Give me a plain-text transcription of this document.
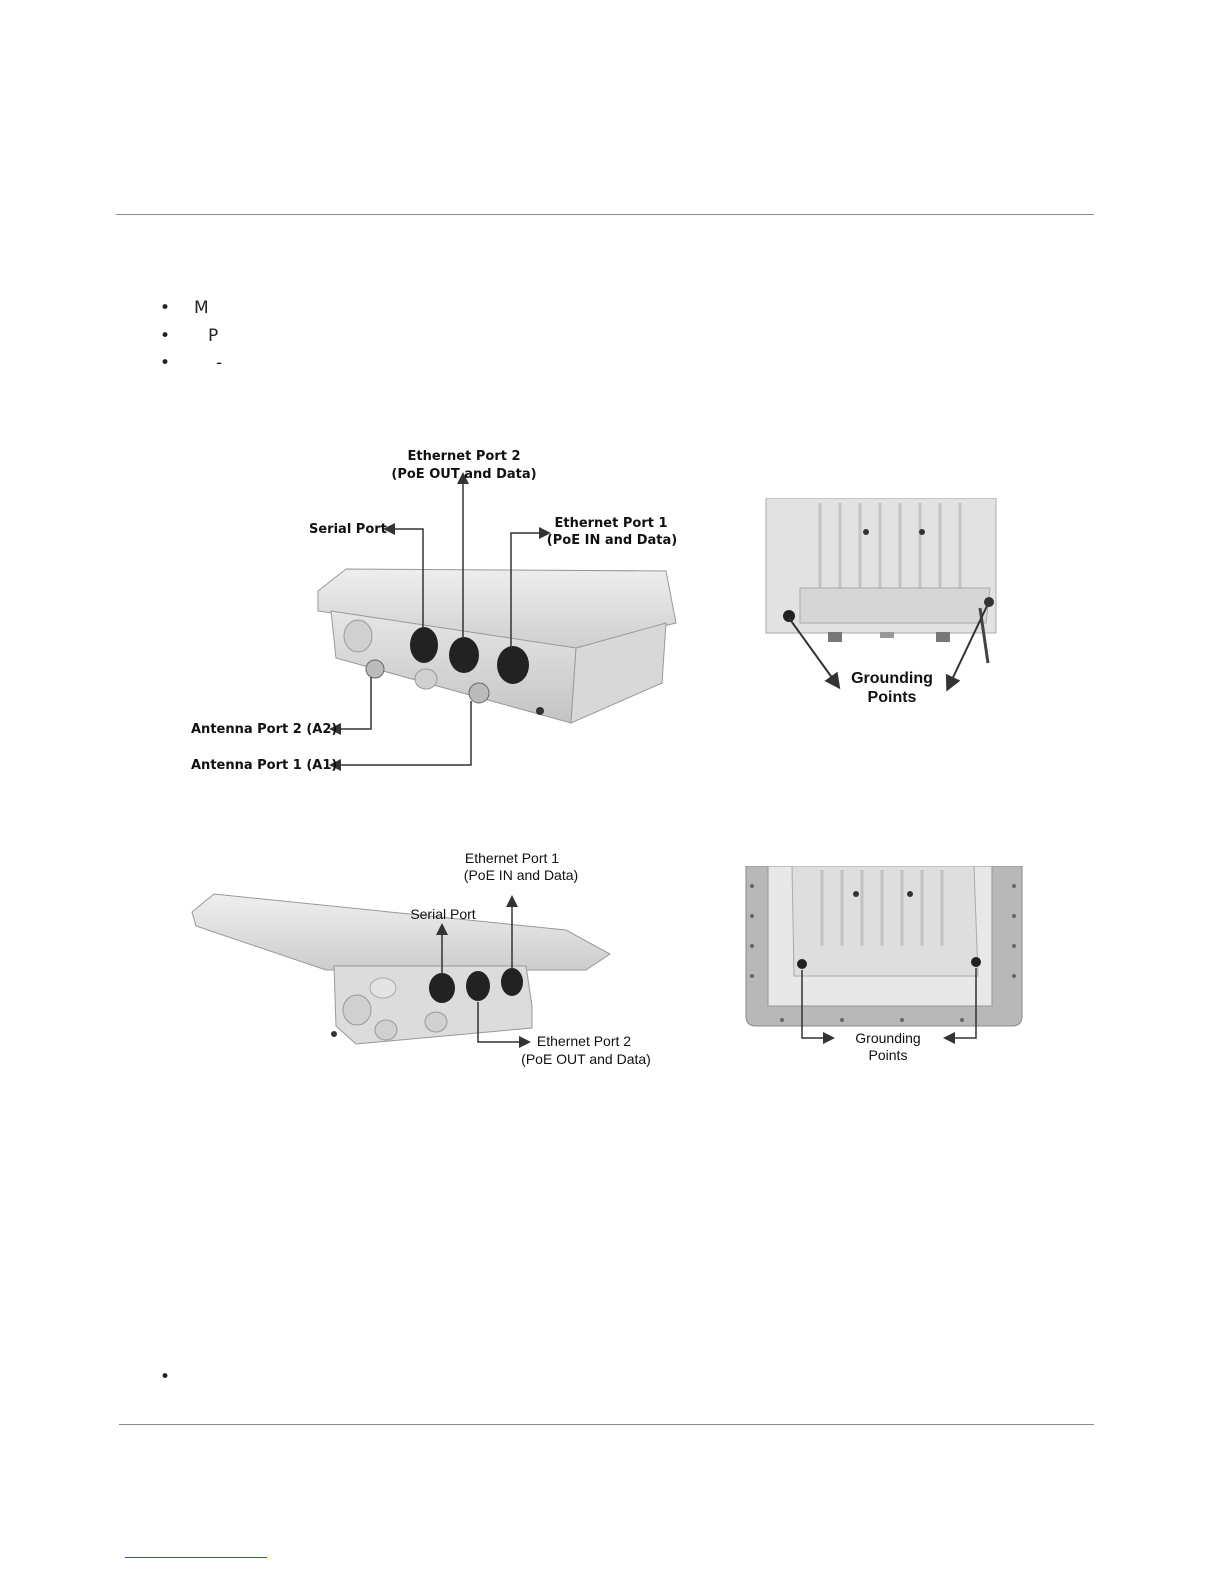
• M
• P
•	-
Ethernet Port 2
(PoE OUT and Data)
Serial Port	Ethernet Port 1
(PoE IN and Data)
Antenna Port 2 (A2)
Antenna Port 1 (A1)
Grounding
Points
Ethernet Port 1
(PoE IN and Data)
Serial Port
Ethernet Port 2
(PoE OUT and Data)
Grounding
Points
•
